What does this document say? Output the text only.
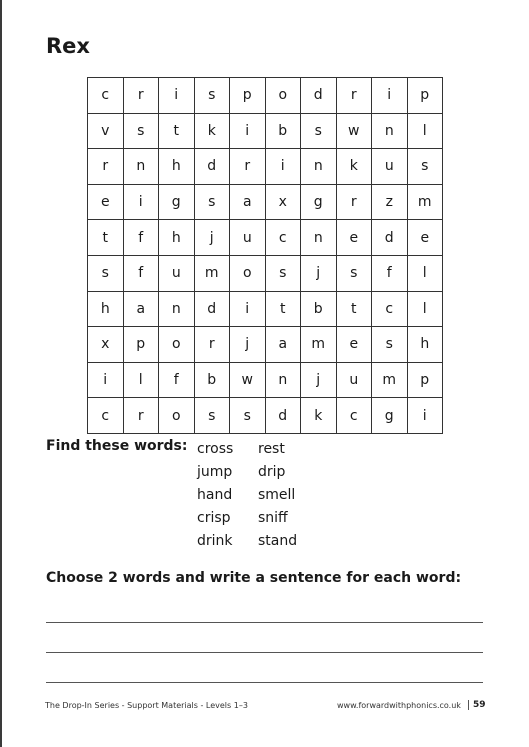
Rex
c	r	i	s	p	o	d	r	i	p
v	s	t	k	i	b	s	w	n	l
r	n	h	d	r	i	n	k	u	s
e	i	g	s	a	x	g	r	z	m
t	f	h	j	u	c	n	e	d	e
s	f	u	m	o	s	j	s	f	l
h	a	n	d	i	t	b	t	c	l
x	p	o	r	j	a	m	e	s	h
i	l	f	b	w	n	j	u	m	p
c	r	o	s	s	d	k	c	g	i
Find these words: cross	rest
jump	drip
hand	smell
crisp	sniff
drink	stand
Choose 2 words and write a sentence for each word:
The Drop-In Series - Support Materials - Levels 1–3	www.forwardwithphonics.co.uk	59
